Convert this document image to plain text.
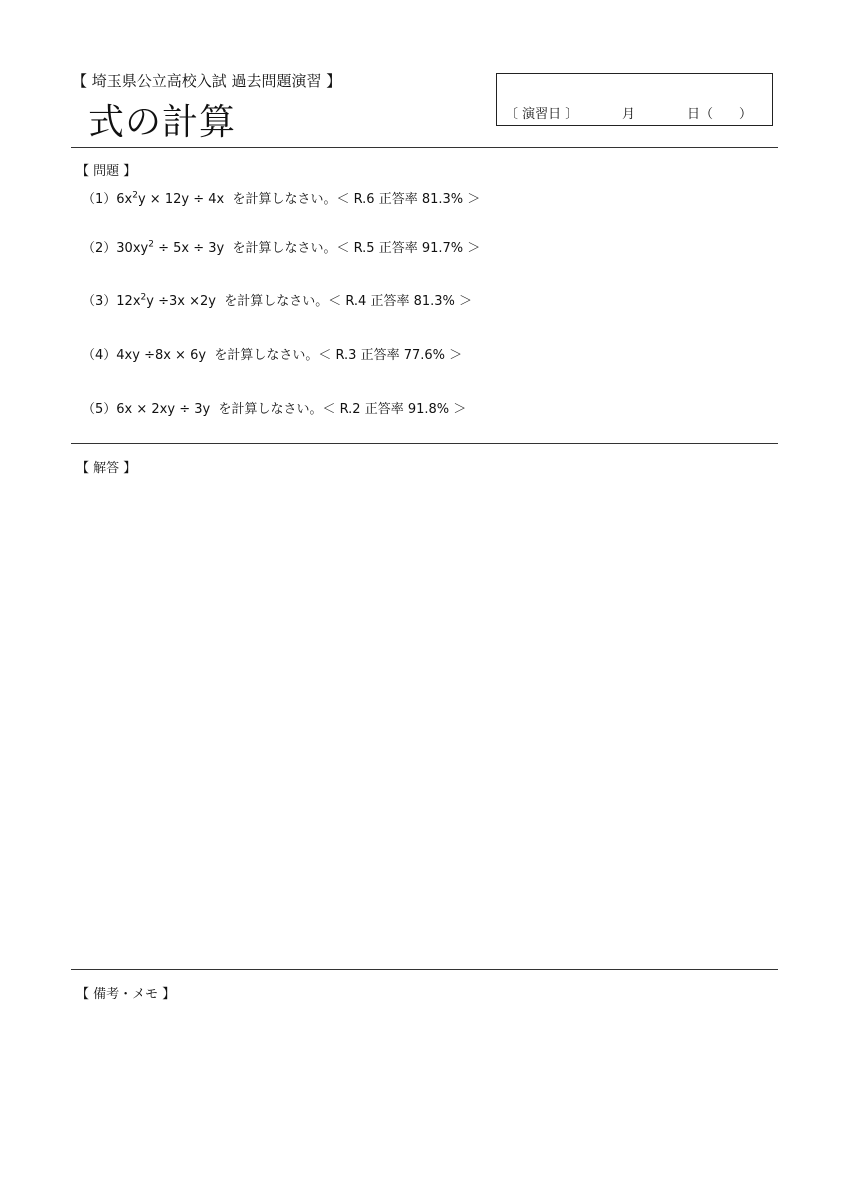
【 埼玉県公立高校入試 過去問題演習 】
式の計算	〔 演習日 〕	月	日（　　）
【 問題 】
$(1)6x^2y \times 12y \div 4x$ を計算しなさい。＜ R.6 正答率 81.3% ＞
$(2)30xy^2 \div 5x \div 3y$ を計算しなさい。＜ R.5 正答率 91.7% ＞
$(3)12x^2y \div 3x \times 2y$ を計算しなさい。＜ R.4 正答率 81.3% ＞
（4）4xy ÷8x × 6y を計算しなさい。＜ R.3 正答率 77.6% ＞
（5）6x × 2xy ÷ 3y を計算しなさい。＜ R.2 正答率 91.8% ＞
【 解答 】
【 備考・メモ 】
